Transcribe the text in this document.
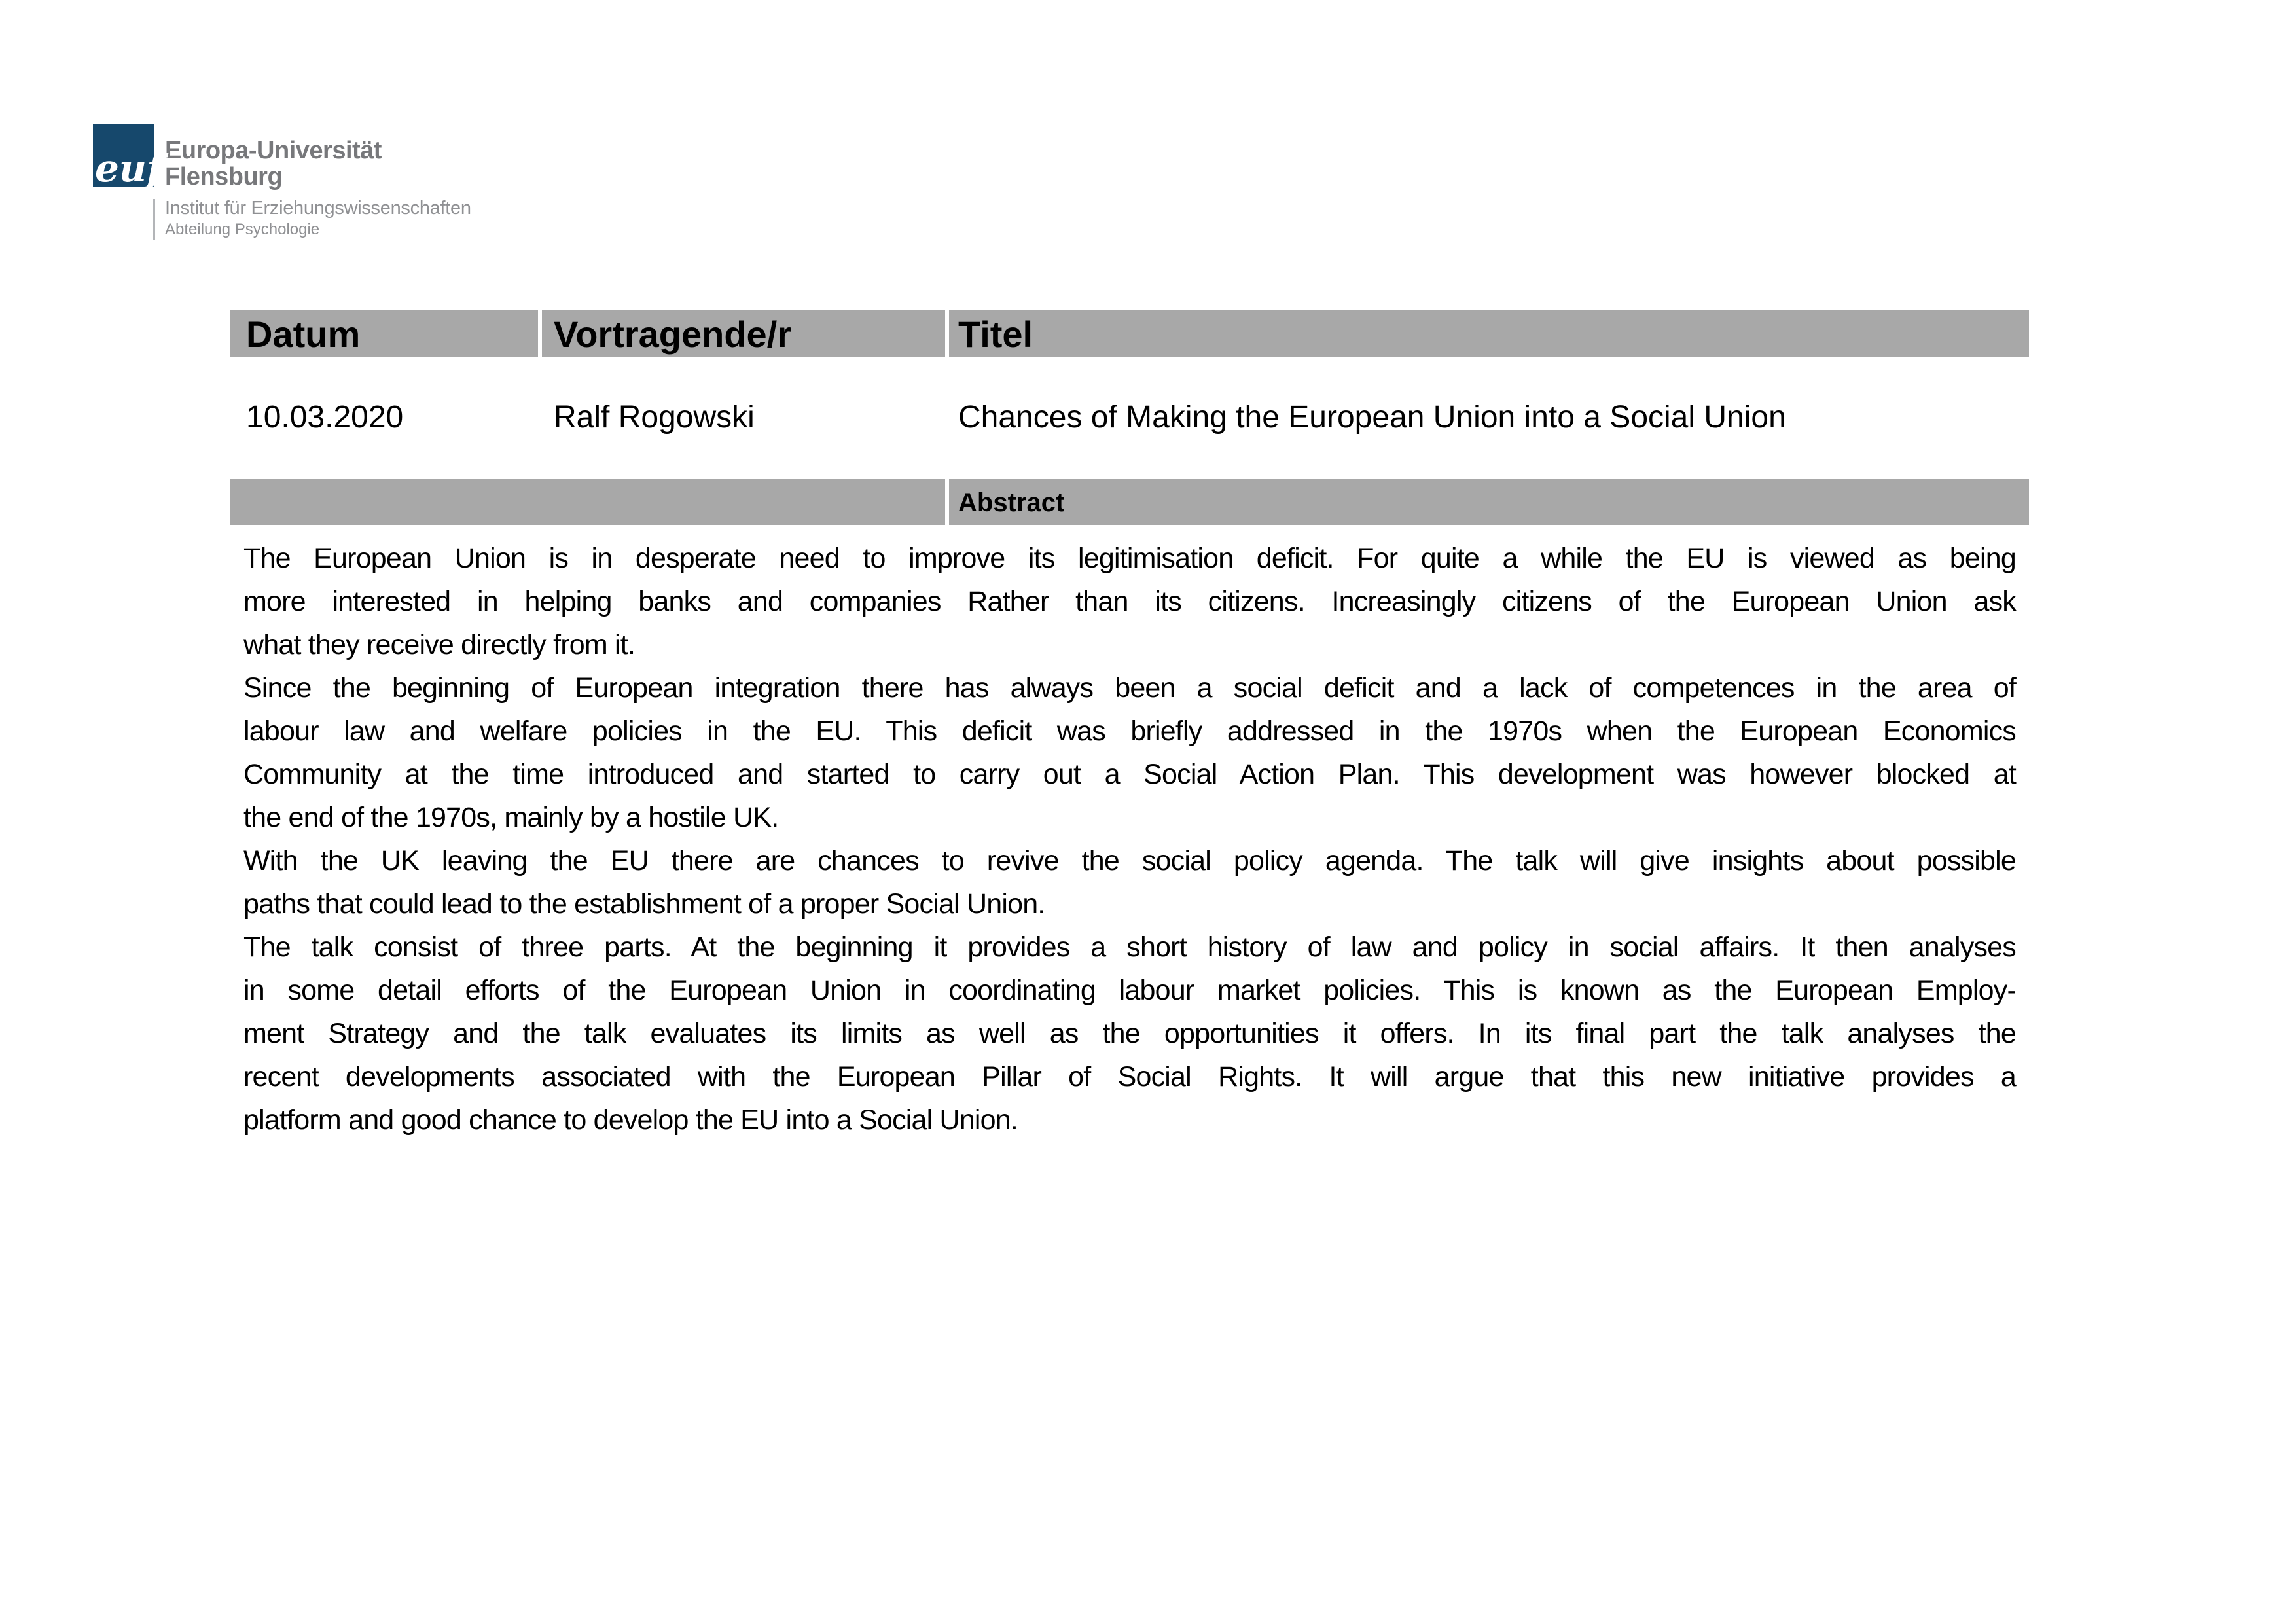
euf Europa-Universität
Flensburg
Institut für Erziehungswissenschaften
Abteilung Psychologie
Datum	Vortragende/r	Titel
10.03.2020	Ralf Rogowski	Chances of Making the European Union into a Social Union
Abstract
The European Union is in desperate need to improve its legitimisation deficit. For quite a while the EU is viewed as being
more interested in helping banks and companies Rather than its citizens. Increasingly citizens of the European Union ask
what they receive directly from it.
Since the beginning of European integration there has always been a social deficit and a lack of competences in the area of
labour law and welfare policies in the EU. This deficit was briefly addressed in the 1970s when the European Economics
Community at the time introduced and started to carry out a Social Action Plan. This development was however blocked at
the end of the 1970s, mainly by a hostile UK.
With the UK leaving the EU there are chances to revive the social policy agenda. The talk will give insights about possible
paths that could lead to the establishment of a proper Social Union.
The talk consist of three parts. At the beginning it provides a short history of law and policy in social affairs. It then analyses
in some detail efforts of the European Union in coordinating labour market policies. This is known as the European Employ-
ment Strategy and the talk evaluates its limits as well as the opportunities it offers. In its final part the talk analyses the
recent developments associated with the European Pillar of Social Rights. It will argue that this new initiative provides a
platform and good chance to develop the EU into a Social Union.
